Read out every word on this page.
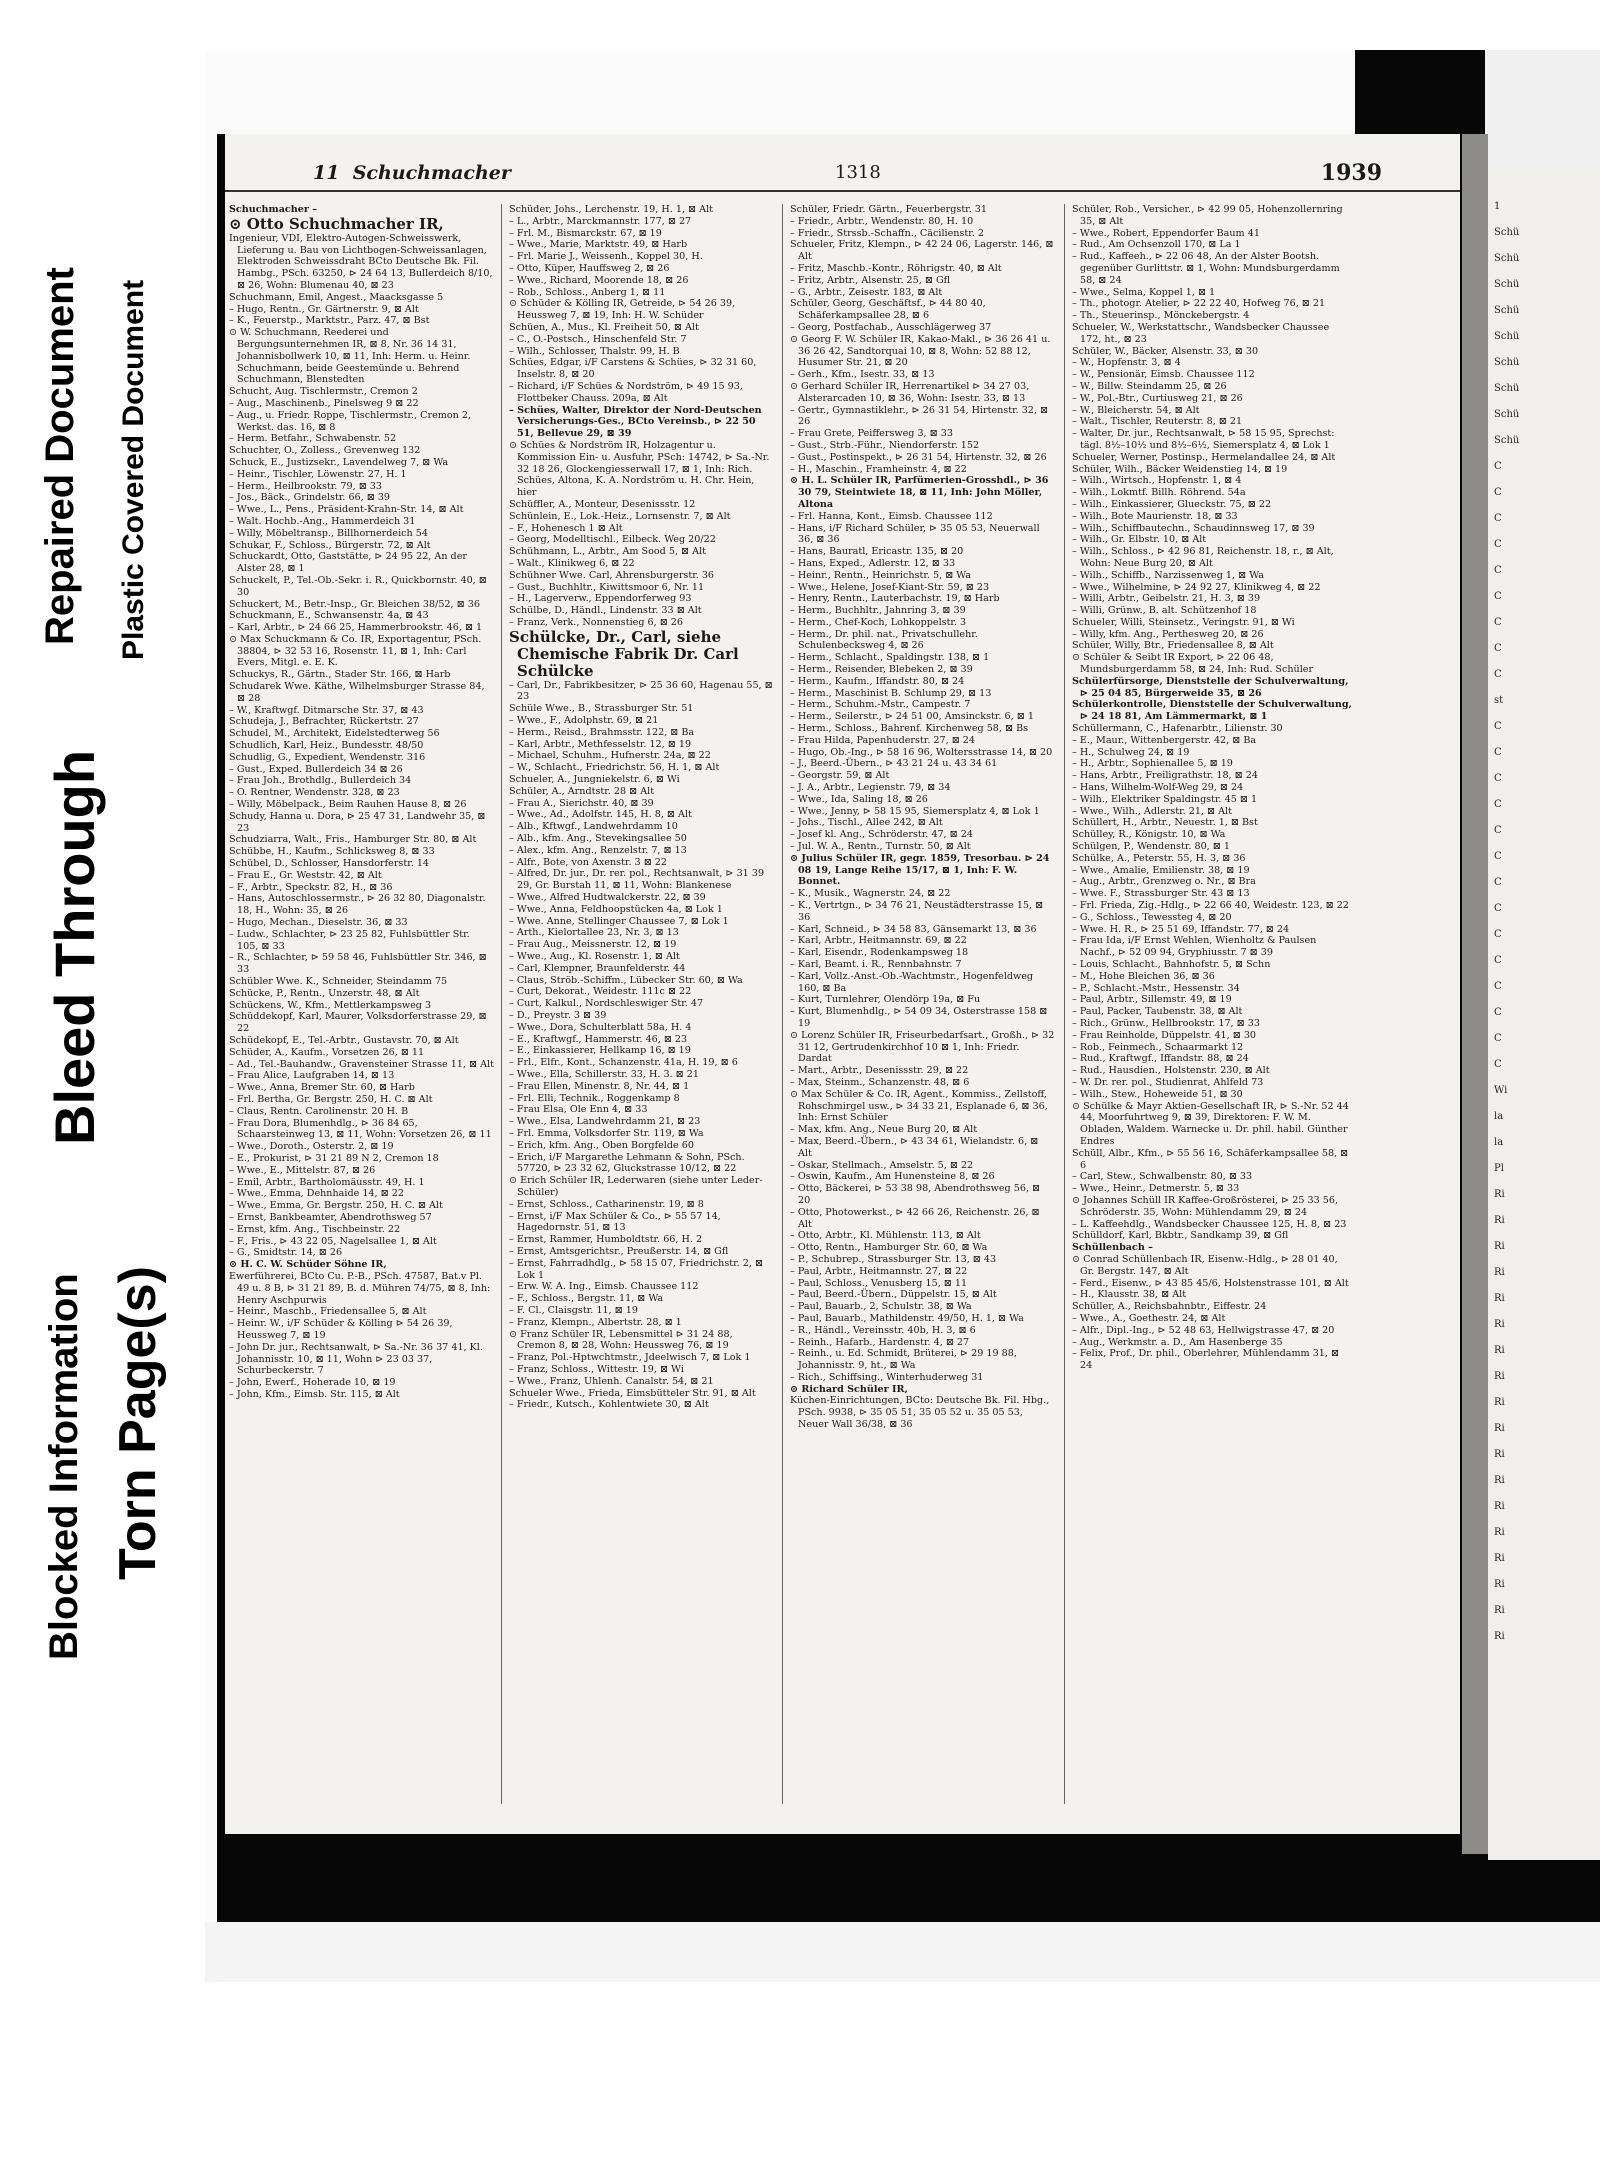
Blocked Information Torn Page(s)
Bleed Through
Repaired Document Plastic Covered Document
1
Schü
Schü
Schü
Schü
Schü
Schü
Schü
Schü
Schü
C
C
C
C
C
C
C
C
C
st
C
C
C
C
C
C
C
C
C
C
C
C
C
C
Wi
la
la
Pl
Ri
Ri
Ri
Ri
Ri
Ri
Ri
Ri
Ri
Ri
Ri
Ri
Ri
Ri
Ri
Ri
Ri
Ri
11 Schuchmacher	1318	1939

Schuchmacher –

⊙ Otto Schuchmacher IR,

Ingenieur, VDI, Elektro-Autogen-Schweisswerk, Lieferung u. Bau von Lichtbogen-Schweissanlagen, Elektroden Schweissdraht BCto Deutsche Bk. Fil. Hambg., PSch. 63250, ⊳ 24 64 13, Bullerdeich 8/10, ⊠ 26, Wohn: Blumenau 40, ⊠ 23

Schuchmann, Emil, Angest., Maacksgasse 5

– Hugo, Rentn., Gr. Gärtnerstr. 9, ⊠ Alt

– K., Feuerstp., Marktstr., Parz. 47, ⊠ Bst

⊙ W. Schuchmann, Reederei und Bergungsunternehmen IR, ⊠ 8, Nr. 36 14 31, Johannisbollwerk 10, ⊠ 11, Inh: Herm. u. Heinr. Schuchmann, beide Geestemünde u. Behrend Schuchmann, Blenstedten

Schucht, Aug. Tischlermstr., Cremon 2

– Aug., Maschinenb., Pinelsweg 9 ⊠ 22

– Aug., u. Friedr. Roppe, Tischlermstr., Cremon 2, Werkst. das. 16, ⊠ 8

– Herm. Betfahr., Schwabenstr. 52

Schuchter, O., Zolless., Grevenweg 132

Schuck, E., Justizsekr., Lavendelweg 7, ⊠ Wa

– Heinr., Tischler, Löwenstr. 27, H. 1

– Herm., Heilbrookstr. 79, ⊠ 33

– Jos., Bäck., Grindelstr. 66, ⊠ 39

– Wwe., L., Pens., Präsident-Krahn-Str. 14, ⊠ Alt

– Walt. Hochb.-Ang., Hammerdeich 31

– Willy, Möbeltransp., Billhornerdeich 54

Schukar, F., Schloss., Bürgerstr. 72, ⊠ Alt

Schuckardt, Otto, Gaststätte, ⊳ 24 95 22, An der Alster 28, ⊠ 1

Schuckelt, P., Tel.-Ob.-Sekr. i. R., Quickbornstr. 40, ⊠ 30

Schuckert, M., Betr.-Insp., Gr. Bleichen 38/52, ⊠ 36

Schuckmann, E., Schwansenstr. 4a, ⊠ 43

– Karl, Arbtr., ⊳ 24 66 25, Hammerbrookstr. 46, ⊠ 1

⊙ Max Schuckmann & Co. IR, Exportagentur, PSch. 38804, ⊳ 32 53 16, Rosenstr. 11, ⊠ 1, Inh: Carl Evers, Mitgl. e. E. K.

Schuckys, R., Gärtn., Stader Str. 166, ⊠ Harb

Schudarek Wwe. Käthe, Wilhelmsburger Strasse 84, ⊠ 28

– W., Kraftwgf. Ditmarsche Str. 37, ⊠ 43

Schudeja, J., Befrachter, Rückertstr. 27

Schudel, M., Architekt, Eidelstedterweg 56

Schudlich, Karl, Heiz., Bundesstr. 48/50

Schudlig, G., Expedient, Wendenstr. 316

– Gust., Exped. Bullerdeich 34 ⊠ 26

– Frau Joh., Brothdlg., Bullerdeich 34

– O. Rentner, Wendenstr. 328, ⊠ 23

– Willy, Möbelpack., Beim Rauhen Hause 8, ⊠ 26

Schudy, Hanna u. Dora, ⊳ 25 47 31, Landwehr 35, ⊠ 23

Schudziarra, Walt., Fris., Hamburger Str. 80, ⊠ Alt

Schübbe, H., Kaufm., Schlicksweg 8, ⊠ 33

Schübel, D., Schlosser, Hansdorferstr. 14

– Frau E., Gr. Weststr. 42, ⊠ Alt

– F., Arbtr., Speckstr. 82, H., ⊠ 36

– Hans, Autoschlossermstr., ⊳ 26 32 80, Diagonalstr. 18, H., Wohn: 35, ⊠ 26

– Hugo, Mechan., Dieselstr. 36, ⊠ 33

– Ludw., Schlachter, ⊳ 23 25 82, Fuhlsbüttler Str. 105, ⊠ 33

– R., Schlachter, ⊳ 59 58 46, Fuhlsbüttler Str. 346, ⊠ 33

Schübler Wwe. K., Schneider, Steindamm 75

Schücke, P., Rentn., Unzerstr. 48, ⊠ Alt

Schückens, W., Kfm., Mettlerkampsweg 3

Schüddekopf, Karl, Maurer, Volksdorferstrasse 29, ⊠ 22

Schüdekopf, E., Tel.-Arbtr., Gustavstr. 70, ⊠ Alt

Schüder, A., Kaufm., Vorsetzen 26, ⊠ 11

– Ad., Tel.-Bauhandw., Gravensteiner Strasse 11, ⊠ Alt

– Frau Alice, Laufgraben 14, ⊠ 13

– Wwe., Anna, Bremer Str. 60, ⊠ Harb

– Frl. Bertha, Gr. Bergstr. 250, H. C. ⊠ Alt

– Claus, Rentn. Carolinenstr. 20 H. B

– Frau Dora, Blumenhdlg., ⊳ 36 84 65, Schaarsteinweg 13, ⊠ 11, Wohn: Vorsetzen 26, ⊠ 11

– Wwe., Doroth., Osterstr. 2, ⊠ 19

– E., Prokurist, ⊳ 31 21 89 N 2, Cremon 18

– Wwe., E., Mittelstr. 87, ⊠ 26

– Emil, Arbtr., Bartholomäusstr. 49, H. 1

– Wwe., Emma, Dehnhaide 14, ⊠ 22

– Wwe., Emma, Gr. Bergstr. 250, H. C. ⊠ Alt

– Ernst, Bankbeamter, Abendrothsweg 57

– Ernst, kfm. Ang., Tischbeinstr. 22

– F., Fris., ⊳ 43 22 05, Nagelsallee 1, ⊠ Alt

– G., Smidtstr. 14, ⊠ 26

⊙ H. C. W. Schüder Söhne IR,

Ewerführerei, BCto Cu. P.-B., PSch. 47587, Bat.v Pl. 49 u. 8 B, ⊳ 31 21 89, B. d. Mühren 74/75, ⊠ 8, Inh: Henry Aschpurwis

– Heinr., Maschb., Friedensallee 5, ⊠ Alt

– Heinr. W., i/F Schüder & Kölling ⊳ 54 26 39, Heussweg 7, ⊠ 19

– John Dr. jur., Rechtsanwalt, ⊳ Sa.-Nr. 36 37 41, Kl. Johannisstr. 10, ⊠ 11, Wohn ⊳ 23 03 37, Schurbeckerstr. 7

– John, Ewerf., Hoherade 10, ⊠ 19

– John, Kfm., Eimsb. Str. 115, ⊠ Alt

Schüder, Johs., Lerchenstr. 19, H. 1, ⊠ Alt

– L., Arbtr., Marckmannstr. 177, ⊠ 27

– Frl. M., Bismarckstr. 67, ⊠ 19

– Wwe., Marie, Marktstr. 49, ⊠ Harb

– Frl. Marie J., Weissenh., Koppel 30, H.

– Otto, Küper, Hauffsweg 2, ⊠ 26

– Wwe., Richard, Moorende 18, ⊠ 26

– Rob., Schloss., Anberg 1, ⊠ 11

⊙ Schüder & Kölling IR, Getreide, ⊳ 54 26 39, Heussweg 7, ⊠ 19, Inh: H. W. Schüder

Schüen, A., Mus., Kl. Freiheit 50, ⊠ Alt

– C., O.-Postsch., Hinschenfeld Str. 7

– Wilh., Schlosser, Thalstr. 99, H. B

Schües, Edgar, i/F Carstens & Schües, ⊳ 32 31 60, Inselstr. 8, ⊠ 20

– Richard, i/F Schües & Nordström, ⊳ 49 15 93, Flottbeker Chauss. 209a, ⊠ Alt

– Schües, Walter, Direktor der Nord-Deutschen Versicherungs-Ges., BCto Vereinsb., ⊳ 22 50 51, Bellevue 29, ⊠ 39

⊙ Schües & Nordström IR, Holzagentur u. Kommission Ein- u. Ausfuhr, PSch: 14742, ⊳ Sa.-Nr. 32 18 26, Glockengiesserwall 17, ⊠ 1, Inh: Rich. Schües, Altona, K. A. Nordström u. H. Chr. Hein, hier

Schüffler, A., Monteur, Desenissstr. 12

Schünlein, E., Lok.-Heiz., Lornsenstr. 7, ⊠ Alt

– F., Hohenesch 1 ⊠ Alt

– Georg, Modelltischl., Eilbeck. Weg 20/22

Schühmann, L., Arbtr., Am Sood 5, ⊠ Alt

– Walt., Klinikweg 6, ⊠ 22

Schühner Wwe. Carl, Ahrensburgerstr. 36

– Gust., Buchhltr., Kiwittsmoor 6, Nr. 11

– H., Lagerverw., Eppendorferweg 93

Schülbe, D., Händl., Lindenstr. 33 ⊠ Alt

– Franz, Verk., Nonnenstieg 6, ⊠ 26

Schülcke, Dr., Carl, siehe Chemische Fabrik Dr. Carl Schülcke

– Carl, Dr., Fabrikbesitzer, ⊳ 25 36 60, Hagenau 55, ⊠ 23

Schüle Wwe., B., Strassburger Str. 51

– Wwe., F., Adolphstr. 69, ⊠ 21

– Herm., Reisd., Brahmsstr. 122, ⊠ Ba

– Karl, Arbtr., Methfesselstr. 12, ⊠ 19

– Michael, Schuhm., Hufnerstr. 24a, ⊠ 22

– W., Schlacht., Friedrichstr. 56, H. 1, ⊠ Alt

Schueler, A., Jungniekelstr. 6, ⊠ Wi

Schüler, A., Arndtstr. 28 ⊠ Alt

– Frau A., Sierichstr. 40, ⊠ 39

– Wwe., Ad., Adolfstr. 145, H. 8, ⊠ Alt

– Alb., Kftwgf., Landwehrdamm 10

– Alb., kfm. Ang., Stevekingsallee 50

– Alex., kfm. Ang., Renzelstr. 7, ⊠ 13

– Alfr., Bote, von Axenstr. 3 ⊠ 22

– Alfred, Dr. jur., Dr. rer. pol., Rechtsanwalt, ⊳ 31 39 29, Gr. Burstah 11, ⊠ 11, Wohn: Blankenese

– Wwe., Alfred Hudtwalckerstr. 22, ⊠ 39

– Wwe., Anna, Feldhoopstücken 4a, ⊠ Lok 1

– Wwe. Anne, Stellinger Chaussee 7, ⊠ Lok 1

– Arth., Kielortallee 23, Nr. 3, ⊠ 13

– Frau Aug., Meissnerstr. 12, ⊠ 19

– Wwe., Aug., Kl. Rosenstr. 1, ⊠ Alt

– Carl, Klempner, Braunfelderstr. 44

– Claus, Ströb.-Schiffm., Lübecker Str. 60, ⊠ Wa

– Curt, Dekorat., Weidestr. 111c ⊠ 22

– Curt, Kalkul., Nordschleswiger Str. 47

– D., Preystr. 3 ⊠ 39

– Wwe., Dora, Schulterblatt 58a, H. 4

– E., Kraftwgf., Hammerstr. 46, ⊠ 23

– E., Einkassierer, Hellkamp 16, ⊠ 19

– Frl., Elfr., Kont., Schanzenstr. 41a, H. 19, ⊠ 6

– Wwe., Ella, Schillerstr. 33, H. 3. ⊠ 21

– Frau Ellen, Minenstr. 8, Nr. 44, ⊠ 1

– Frl. Elli, Technik., Roggenkamp 8

– Frau Elsa, Ole Enn 4, ⊠ 33

– Wwe., Elsa, Landwehrdamm 21, ⊠ 23

– Frl. Emma, Volksdorfer Str. 119, ⊠ Wa

– Erich, kfm. Ang., Oben Borgfelde 60

– Erich, i/F Margarethe Lehmann & Sohn, PSch. 57720, ⊳ 23 32 62, Gluckstrasse 10/12, ⊠ 22

⊙ Erich Schüler IR, Lederwaren (siehe unter Leder-Schüler)

– Ernst, Schloss., Catharinenstr. 19, ⊠ 8

– Ernst, i/F Max Schüler & Co., ⊳ 55 57 14, Hagedornstr. 51, ⊠ 13

– Ernst, Rammer, Humboldtstr. 66, H. 2

– Ernst, Amtsgerichtsr., Preußerstr. 14, ⊠ Gfl

– Ernst, Fahrradhdlg., ⊳ 58 15 07, Friedrichstr. 2, ⊠ Lok 1

– Erw. W. A. Ing., Eimsb. Chaussee 112

– F., Schloss., Bergstr. 11, ⊠ Wa

– F. Cl., Claisgstr. 11, ⊠ 19

– Franz, Klempn., Albertstr. 28, ⊠ 1

⊙ Franz Schüler IR, Lebensmittel ⊳ 31 24 88, Cremon 8, ⊠ 28, Wohn: Heussweg 76, ⊠ 19

– Franz, Pol.-Hptwchtmstr., Jdeelwisch 7, ⊠ Lok 1

– Franz, Schloss., Wittestr. 19, ⊠ Wi

– Wwe., Franz, Uhlenh. Canalstr. 54, ⊠ 21

Schueler Wwe., Frieda, Eimsbütteler Str. 91, ⊠ Alt

– Friedr., Kutsch., Kohlentwiete 30, ⊠ Alt

Schüler, Friedr. Gärtn., Feuerbergstr. 31

– Friedr., Arbtr., Wendenstr. 80, H. 10

– Friedr., Strssb.-Schaffn., Cäcilienstr. 2

Schueler, Fritz, Klempn., ⊳ 42 24 06, Lagerstr. 146, ⊠ Alt

– Fritz, Maschb.-Kontr., Röhrigstr. 40, ⊠ Alt

– Fritz, Arbtr., Alsenstr. 25, ⊠ Gfl

– G., Arbtr., Zeisestr. 183, ⊠ Alt

Schüler, Georg, Geschäftsf., ⊳ 44 80 40, Schäferkampsallee 28, ⊠ 6

– Georg, Postfachab., Ausschlägerweg 37

⊙ Georg F. W. Schüler IR, Kakao-Makl., ⊳ 36 26 41 u. 36 26 42, Sandtorquai 10, ⊠ 8, Wohn: 52 88 12, Husumer Str. 21, ⊠ 20

– Gerh., Kfm., Isestr. 33, ⊠ 13

⊙ Gerhard Schüler IR, Herrenartikel ⊳ 34 27 03, Alsterarcaden 10, ⊠ 36, Wohn: Isestr. 33, ⊠ 13

– Gertr., Gymnastiklehr., ⊳ 26 31 54, Hirtenstr. 32, ⊠ 26

– Frau Grete, Peiffersweg 3, ⊠ 33

– Gust., Strb.-Führ., Niendorferstr. 152

– Gust., Postinspekt., ⊳ 26 31 54, Hirtenstr. 32, ⊠ 26

– H., Maschin., Framheinstr. 4, ⊠ 22

⊙ H. L. Schüler IR, Parfümerien-Grosshdl., ⊳ 36 30 79, Steintwiete 18, ⊠ 11, Inh: John Möller, Altona

– Frl. Hanna, Kont., Eimsb. Chaussee 112

– Hans, i/F Richard Schüler, ⊳ 35 05 53, Neuerwall 36, ⊠ 36

– Hans, Bauratl, Ericastr. 135, ⊠ 20

– Hans, Exped., Adlerstr. 12, ⊠ 33

– Heinr., Rentn., Heinrichstr. 5, ⊠ Wa

– Wwe., Helene, Josef-Kiant-Str. 59, ⊠ 23

– Henry, Rentn., Lauterbachstr. 19, ⊠ Harb

– Herm., Buchhltr., Jahnring 3, ⊠ 39

– Herm., Chef-Koch, Lohkoppelstr. 3

– Herm., Dr. phil. nat., Privatschullehr. Schulenbecksweg 4, ⊠ 26

– Herm., Schlacht., Spaldingstr. 138, ⊠ 1

– Herm., Reisender, Blebeken 2, ⊠ 39

– Herm., Kaufm., Iffandstr. 80, ⊠ 24

– Herm., Maschinist B. Schlump 29, ⊠ 13

– Herm., Schuhm.-Mstr., Campestr. 7

– Herm., Seilerstr., ⊳ 24 51 00, Amsinckstr. 6, ⊠ 1

– Herm., Schloss., Bahrenf. Kirchenweg 58, ⊠ Bs

– Frau Hilda, Papenhuderstr. 27, ⊠ 24

– Hugo, Ob.-Ing., ⊳ 58 16 96, Woltersstrasse 14, ⊠ 20

– J., Beerd.-Übern., ⊳ 43 21 24 u. 43 34 61

– Georgstr. 59, ⊠ Alt

– J. A., Arbtr., Legienstr. 79, ⊠ 34

– Wwe., Ida, Saling 18, ⊠ 26

– Wwe., Jenny, ⊳ 58 15 95, Siemersplatz 4, ⊠ Lok 1

– Johs., Tischl., Allee 242, ⊠ Alt

– Josef kl. Ang., Schröderstr. 47, ⊠ 24

– Jul. W. A., Rentn., Turnstr. 50, ⊠ Alt

⊙ Julius Schüler IR, gegr. 1859, Tresorbau. ⊳ 24 08 19, Lange Reihe 15/17, ⊠ 1, Inh: F. W. Bonnet.

– K., Musik., Wagnerstr. 24, ⊠ 22

– K., Vertrtgn., ⊳ 34 76 21, Neustädterstrasse 15, ⊠ 36

– Karl, Schneid., ⊳ 34 58 83, Gänsemarkt 13, ⊠ 36

– Karl, Arbtr., Heitmannstr. 69, ⊠ 22

– Karl, Eisendr., Rodenkampsweg 18

– Karl, Beamt. i. R., Rennbahnstr. 7

– Karl, Vollz.-Anst.-Ob.-Wachtmstr., Hogenfeldweg 160, ⊠ Ba

– Kurt, Turnlehrer, Olendörp 19a, ⊠ Fu

– Kurt, Blumenhdlg., ⊳ 54 09 34, Osterstrasse 158 ⊠ 19

⊙ Lorenz Schüler IR, Friseurbedarfsart., Großh., ⊳ 32 31 12, Gertrudenkirchhof 10 ⊠ 1, Inh: Friedr. Dardat

– Mart., Arbtr., Desenissstr. 29, ⊠ 22

– Max, Steinm., Schanzenstr. 48, ⊠ 6

⊙ Max Schüler & Co. IR, Agent., Kommiss., Zellstoff, Rohschmirgel usw., ⊳ 34 33 21, Esplanade 6, ⊠ 36, Inh: Ernst Schüler

– Max, kfm. Ang., Neue Burg 20, ⊠ Alt

– Max, Beerd.-Übern., ⊳ 43 34 61, Wielandstr. 6, ⊠ Alt

– Oskar, Stellmach., Amselstr. 5, ⊠ 22

– Oswin, Kaufm., Am Hunensteine 8, ⊠ 26

– Otto, Bäckerei, ⊳ 53 38 98, Abendrothsweg 56, ⊠ 20

– Otto, Photowerkst., ⊳ 42 66 26, Reichenstr. 26, ⊠ Alt

– Otto, Arbtr., Kl. Mühlenstr. 113, ⊠ Alt

– Otto, Rentn., Hamburger Str. 60, ⊠ Wa

– P., Schubrep., Strassburger Str. 13, ⊠ 43

– Paul, Arbtr., Heitmannstr. 27, ⊠ 22

– Paul, Schloss., Venusberg 15, ⊠ 11

– Paul, Beerd.-Übern., Düppelstr. 15, ⊠ Alt

– Paul, Bauarb., 2, Schulstr. 38, ⊠ Wa

– Paul, Bauarb., Mathildenstr. 49/50, H. 1, ⊠ Wa

– R., Händl., Vereinsstr. 40b, H. 3, ⊠ 6

– Reinh., Hafarb., Hardenstr. 4, ⊠ 27

– Reinh., u. Ed. Schmidt, Brüterei, ⊳ 29 19 88, Johannisstr. 9, ht., ⊠ Wa

– Rich., Schiffsing., Winterhuderweg 31

⊙ Richard Schüler IR,

Küchen-Einrichtungen, BCto: Deutsche Bk. Fil. Hbg., PSch. 9938, ⊳ 35 05 51, 35 05 52 u. 35 05 53, Neuer Wall 36/38, ⊠ 36

Schüler, Rob., Versicher., ⊳ 42 99 05, Hohenzollernring 35, ⊠ Alt

– Wwe., Robert, Eppendorfer Baum 41

– Rud., Am Ochsenzoll 170, ⊠ La 1

– Rud., Kaffeeh., ⊳ 22 06 48, An der Alster Bootsh. gegenüber Gurlittstr. ⊠ 1, Wohn: Mundsburgerdamm 58, ⊠ 24

– Wwe., Selma, Koppel 1, ⊠ 1

– Th., photogr. Atelier, ⊳ 22 22 40, Hofweg 76, ⊠ 21

– Th., Steuerinsp., Mönckebergstr. 4

Schueler, W., Werkstattschr., Wandsbecker Chaussee 172, ht., ⊠ 23

Schüler, W., Bäcker, Alsenstr. 33, ⊠ 30

– W., Hopfenstr. 3, ⊠ 4

– W., Pensionär, Eimsb. Chaussee 112

– W., Billw. Steindamm 25, ⊠ 26

– W., Pol.-Btr., Curtiusweg 21, ⊠ 26

– W., Bleicherstr. 54, ⊠ Alt

– Walt., Tischler, Reuterstr. 8, ⊠ 21

– Walter, Dr. jur., Rechtsanwalt, ⊳ 58 15 95, Sprechst: tägl. 8½–10½ und 8½–6½, Siemersplatz 4, ⊠ Lok 1

Schueler, Werner, Postinsp., Hermelandallee 24, ⊠ Alt

Schüler, Wilh., Bäcker Weidenstieg 14, ⊠ 19

– Wilh., Wirtsch., Hopfenstr. 1, ⊠ 4

– Wilh., Lokmtf. Billh. Röhrend. 54a

– Wilh., Einkassierer, Glueckstr. 75, ⊠ 22

– Wilh., Bote Maurienstr. 18, ⊠ 33

– Wilh., Schiffbautechn., Schaudinnsweg 17, ⊠ 39

– Wilh., Gr. Elbstr. 10, ⊠ Alt

– Wilh., Schloss., ⊳ 42 96 81, Reichenstr. 18, r., ⊠ Alt, Wohn: Neue Burg 20, ⊠ Alt

– Wilh., Schiffb., Narzissenweg 1, ⊠ Wa

– Wwe., Wilhelmine, ⊳ 24 92 27, Klinikweg 4, ⊠ 22

– Willi, Arbtr., Geibelstr. 21, H. 3, ⊠ 39

– Willi, Grünw., B. alt. Schützenhof 18

Schueler, Willi, Steinsetz., Veringstr. 91, ⊠ Wi

– Willy, kfm. Ang., Perthesweg 20, ⊠ 26

Schüler, Willy, Btr., Friedensallee 8, ⊠ Alt

⊙ Schüler & Seibt IR Export, ⊳ 22 06 48, Mundsburgerdamm 58, ⊠ 24, Inh: Rud. Schüler

Schülerfürsorge, Dienststelle der Schulverwaltung, ⊳ 25 04 85, Bürgerweide 35, ⊠ 26

Schülerkontrolle, Dienststelle der Schulverwaltung, ⊳ 24 18 81, Am Lämmermarkt, ⊠ 1

Schüllermann, C., Hafenarbtr., Lilienstr. 30

– E., Maur., Wittenbergerstr. 42, ⊠ Ba

– H., Schulweg 24, ⊠ 19

– H., Arbtr., Sophienallee 5, ⊠ 19

– Hans, Arbtr., Freiligrathstr. 18, ⊠ 24

– Hans, Wilhelm-Wolf-Weg 29, ⊠ 24

– Wilh., Elektriker Spaldingstr. 45 ⊠ 1

– Wwe., Wilh., Adlerstr. 21, ⊠ Alt

Schüllert, H., Arbtr., Neuestr. 1, ⊠ Bst

Schülley, R., Königstr. 10, ⊠ Wa

Schülgen, P., Wendenstr. 80, ⊠ 1

Schülke, A., Peterstr. 55, H. 3, ⊠ 36

– Wwe., Amalie, Emilienstr. 38, ⊠ 19

– Aug., Arbtr., Grenzweg o. Nr., ⊠ Bra

– Wwe. F., Strassburger Str. 43 ⊠ 13

– Frl. Frieda, Zig.-Hdlg., ⊳ 22 66 40, Weidestr. 123, ⊠ 22

– G., Schloss., Tewessteg 4, ⊠ 20

– Wwe. H. R., ⊳ 25 51 69, Iffandstr. 77, ⊠ 24

– Frau Ida, i/F Ernst Wehlen, Wienholtz & Paulsen Nachf., ⊳ 52 09 94, Gryphiusstr. 7 ⊠ 39

– Louis, Schlacht., Bahnhofstr. 5, ⊠ Schn

– M., Hohe Bleichen 36, ⊠ 36

– P., Schlacht.-Mstr., Hessenstr. 34

– Paul, Arbtr., Sillemstr. 49, ⊠ 19

– Paul, Packer, Taubenstr. 38, ⊠ Alt

– Rich., Grünw., Hellbrookstr. 17, ⊠ 33

– Frau Reinholde, Düppelstr. 41, ⊠ 30

– Rob., Feinmech., Schaarmarkt 12

– Rud., Kraftwgf., Iffandstr. 88, ⊠ 24

– Rud., Hausdien., Holstenstr. 230, ⊠ Alt

– W. Dr. rer. pol., Studienrat, Ahlfeld 73

– Wilh., Stew., Hoheweide 51, ⊠ 30

⊙ Schülke & Mayr Aktien-Gesellschaft IR, ⊳ S.-Nr. 52 44 44, Moorfuhrtweg 9, ⊠ 39, Direktoren: F. W. M. Obladen, Waldem. Warnecke u. Dr. phil. habil. Günther Endres

Schüll, Albr., Kfm., ⊳ 55 56 16, Schäferkampsallee 58, ⊠ 6

– Carl, Stew., Schwalbenstr. 80, ⊠ 33

– Wwe., Heinr., Detmerstr. 5, ⊠ 33

⊙ Johannes Schüll IR Kaffee-Großrösterei, ⊳ 25 33 56, Schröderstr. 35, Wohn: Mühlendamm 29, ⊠ 24

– L. Kaffeehdlg., Wandsbecker Chaussee 125, H. 8, ⊠ 23

Schülldorf, Karl, Bkbtr., Sandkamp 39, ⊠ Gfl

Schüllenbach –

⊙ Conrad Schüllenbach IR, Eisenw.-Hdlg., ⊳ 28 01 40, Gr. Bergstr. 147, ⊠ Alt

– Ferd., Eisenw., ⊳ 43 85 45/6, Holstenstrasse 101, ⊠ Alt

– H., Klausstr. 38, ⊠ Alt

Schüller, A., Reichsbahnbtr., Eiffestr. 24

– Wwe., A., Goethestr. 24, ⊠ Alt

– Alfr., Dipl.-Ing., ⊳ 52 48 63, Hellwigstrasse 47, ⊠ 20

– Aug., Werkmstr. a. D., Am Hasenberge 35

– Felix, Prof., Dr. phil., Oberlehrer, Mühlendamm 31, ⊠ 24
